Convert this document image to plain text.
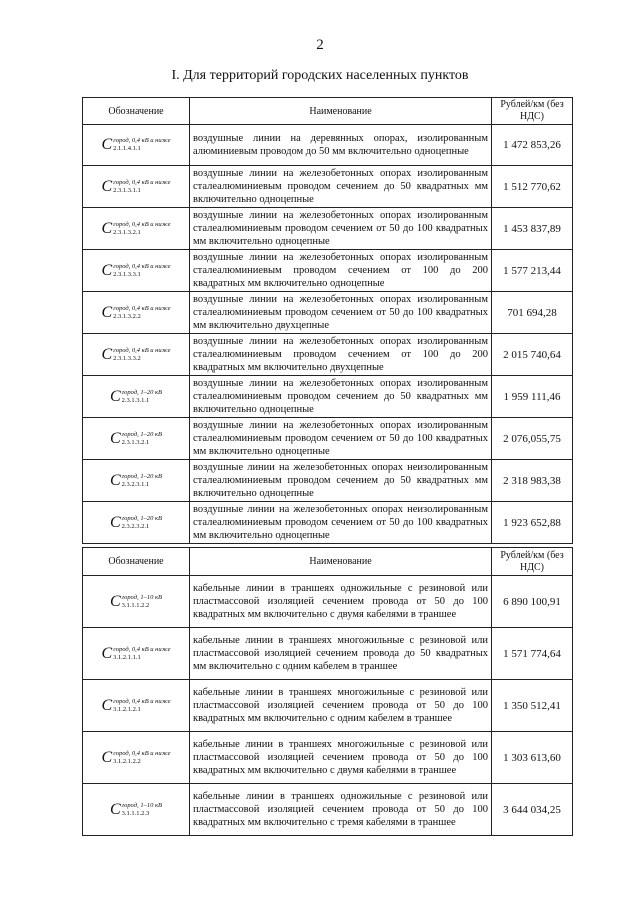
2
I. Для территорий городских населенных пунктов
Обозначение	Наименование	Рублей/км (без НДС)

C город, 0,4 кВ и ниже
2.1.1.4.1.1	воздушные линии на деревянных опорах, изолированным алюминиевым проводом до 50 мм включительно одноцепные	1 472 853,26

C город, 0,4 кВ и ниже
2.3.1.3.1.1	воздушные линии на железобетонных опорах изолированным сталеалюминиевым проводом сечением до 50 квадратных мм включительно одноцепные	1 512 770,62

C город, 0,4 кВ и ниже
2.3.1.3.2.1	воздушные линии на железобетонных опорах изолированным сталеалюминиевым проводом сечением от 50 до 100 квадратных мм включительно одноцепные	1 453 837,89

C город, 0,4 кВ и ниже
2.3.1.3.3.1	воздушные линии на железобетонных опорах изолированным сталеалюминиевым проводом сечением от 100 до 200 квадратных мм включительно одноцепные	1 577 213,44

C город, 0,4 кВ и ниже
2.3.1.3.2.2	воздушные линии на железобетонных опорах изолированным сталеалюминиевым проводом сечением от 50 до 100 квадратных мм включительно двухцепные	701 694,28

C город, 0,4 кВ и ниже
2.3.1.3.3.2	воздушные линии на железобетонных опорах изолированным сталеалюминиевым проводом сечением от 100 до 200 квадратных мм включительно двухцепные	2 015 740,64

C город, 1–20 кВ
2.3.1.3.1.1	воздушные линии на железобетонных опорах изолированным сталеалюминиевым проводом сечением до 50 квадратных мм включительно одноцепные	1 959 111,46

C город, 1–20 кВ
2.3.1.3.2.1	воздушные линии на железобетонных опорах изолированным сталеалюминиевым проводом сечением от 50 до 100 квадратных мм включительно одноцепные	2 076,055,75

C город, 1–20 кВ
2.3.2.3.1.1	воздушные линии на железобетонных опорах неизолированным сталеалюминиевым проводом сечением до 50 квадратных мм включительно одноцепные	2 318 983,38

C город, 1–20 кВ
2.3.2.3.2.1	воздушные линии на железобетонных опорах неизолированным сталеалюминиевым проводом сечением от 50 до 100 квадратных мм включительно одноцепные	1 923 652,88
Обозначение	Наименование	Рублей/км (без НДС)

C город, 1–10 кВ
3.1.1.1.2.2	кабельные линии в траншеях одножильные с резиновой или пластмассовой изоляцией сечением провода от 50 до 100 квадратных мм включительно с двумя кабелями в траншее	6 890 100,91

C город, 0,4 кВ и ниже
3.1.2.1.1.1	кабельные линии в траншеях многожильные с резиновой или пластмассовой изоляцией сечением провода до 50 квадратных мм включительно с одним кабелем в траншее	1 571 774,64

C город, 0,4 кВ и ниже
3.1.2.1.2.1	кабельные линии в траншеях многожильные с резиновой или пластмассовой изоляцией сечением провода от 50 до 100 квадратных мм включительно с одним кабелем в траншее	1 350 512,41

C город, 0,4 кВ и ниже
3.1.2.1.2.2	кабельные линии в траншеях многожильные с резиновой или пластмассовой изоляцией сечением провода от 50 до 100 квадратных мм включительно с двумя кабелями в траншее	1 303 613,60

C город, 1–10 кВ
3.1.1.1.2.3	кабельные линии в траншеях одножильные с резиновой или пластмассовой изоляцией сечением провода от 50 до 100 квадратных мм включительно с тремя кабелями в траншее	3 644 034,25
